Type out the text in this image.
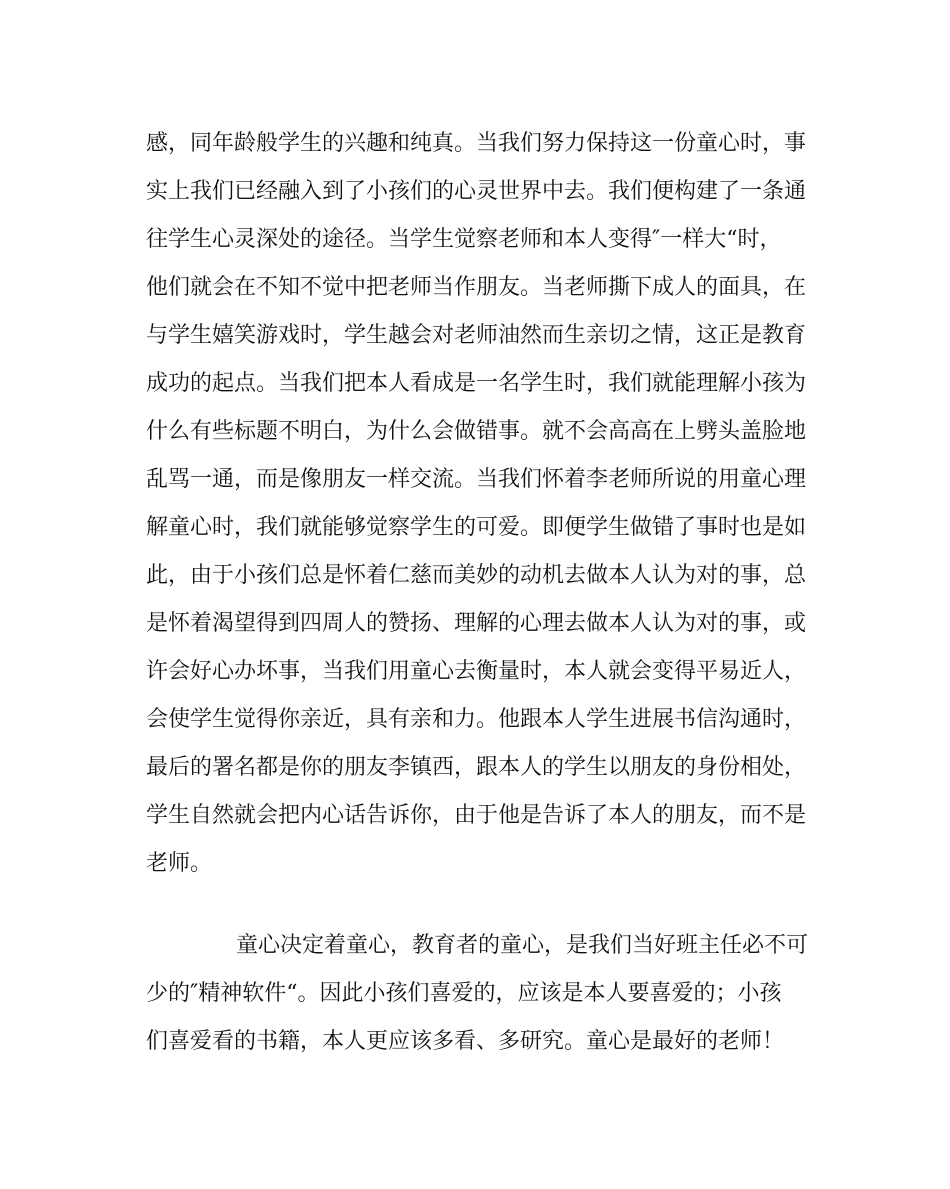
感，同年龄般学生的兴趣和纯真。当我们努力保持这一份童心时，事
实上我们已经融入到了小孩们的心灵世界中去。我们便构建了一条通
往学生心灵深处的途径。当学生觉察老师和本人变得″一样大“时，
他们就会在不知不觉中把老师当作朋友。当老师撕下成人的面具，在
与学生嬉笑游戏时，学生越会对老师油然而生亲切之情，这正是教育
成功的起点。当我们把本人看成是一名学生时，我们就能理解小孩为
什么有些标题不明白，为什么会做错事。就不会高高在上劈头盖脸地
乱骂一通，而是像朋友一样交流。当我们怀着李老师所说的用童心理
解童心时，我们就能够觉察学生的可爱。即便学生做错了事时也是如
此，由于小孩们总是怀着仁慈而美妙的动机去做本人认为对的事，总
是怀着渴望得到四周人的赞扬、理解的心理去做本人认为对的事，或
许会好心办坏事，当我们用童心去衡量时，本人就会变得平易近人，
会使学生觉得你亲近，具有亲和力。他跟本人学生进展书信沟通时，
最后的署名都是你的朋友李镇西，跟本人的学生以朋友的身份相处，
学生自然就会把内心话告诉你，由于他是告诉了本人的朋友，而不是
老师。
童心决定着童心，教育者的童心，是我们当好班主任必不可
少的″精神软件“。因此小孩们喜爱的，应该是本人要喜爱的；小孩
们喜爱看的书籍，本人更应该多看、多研究。童心是最好的老师！
